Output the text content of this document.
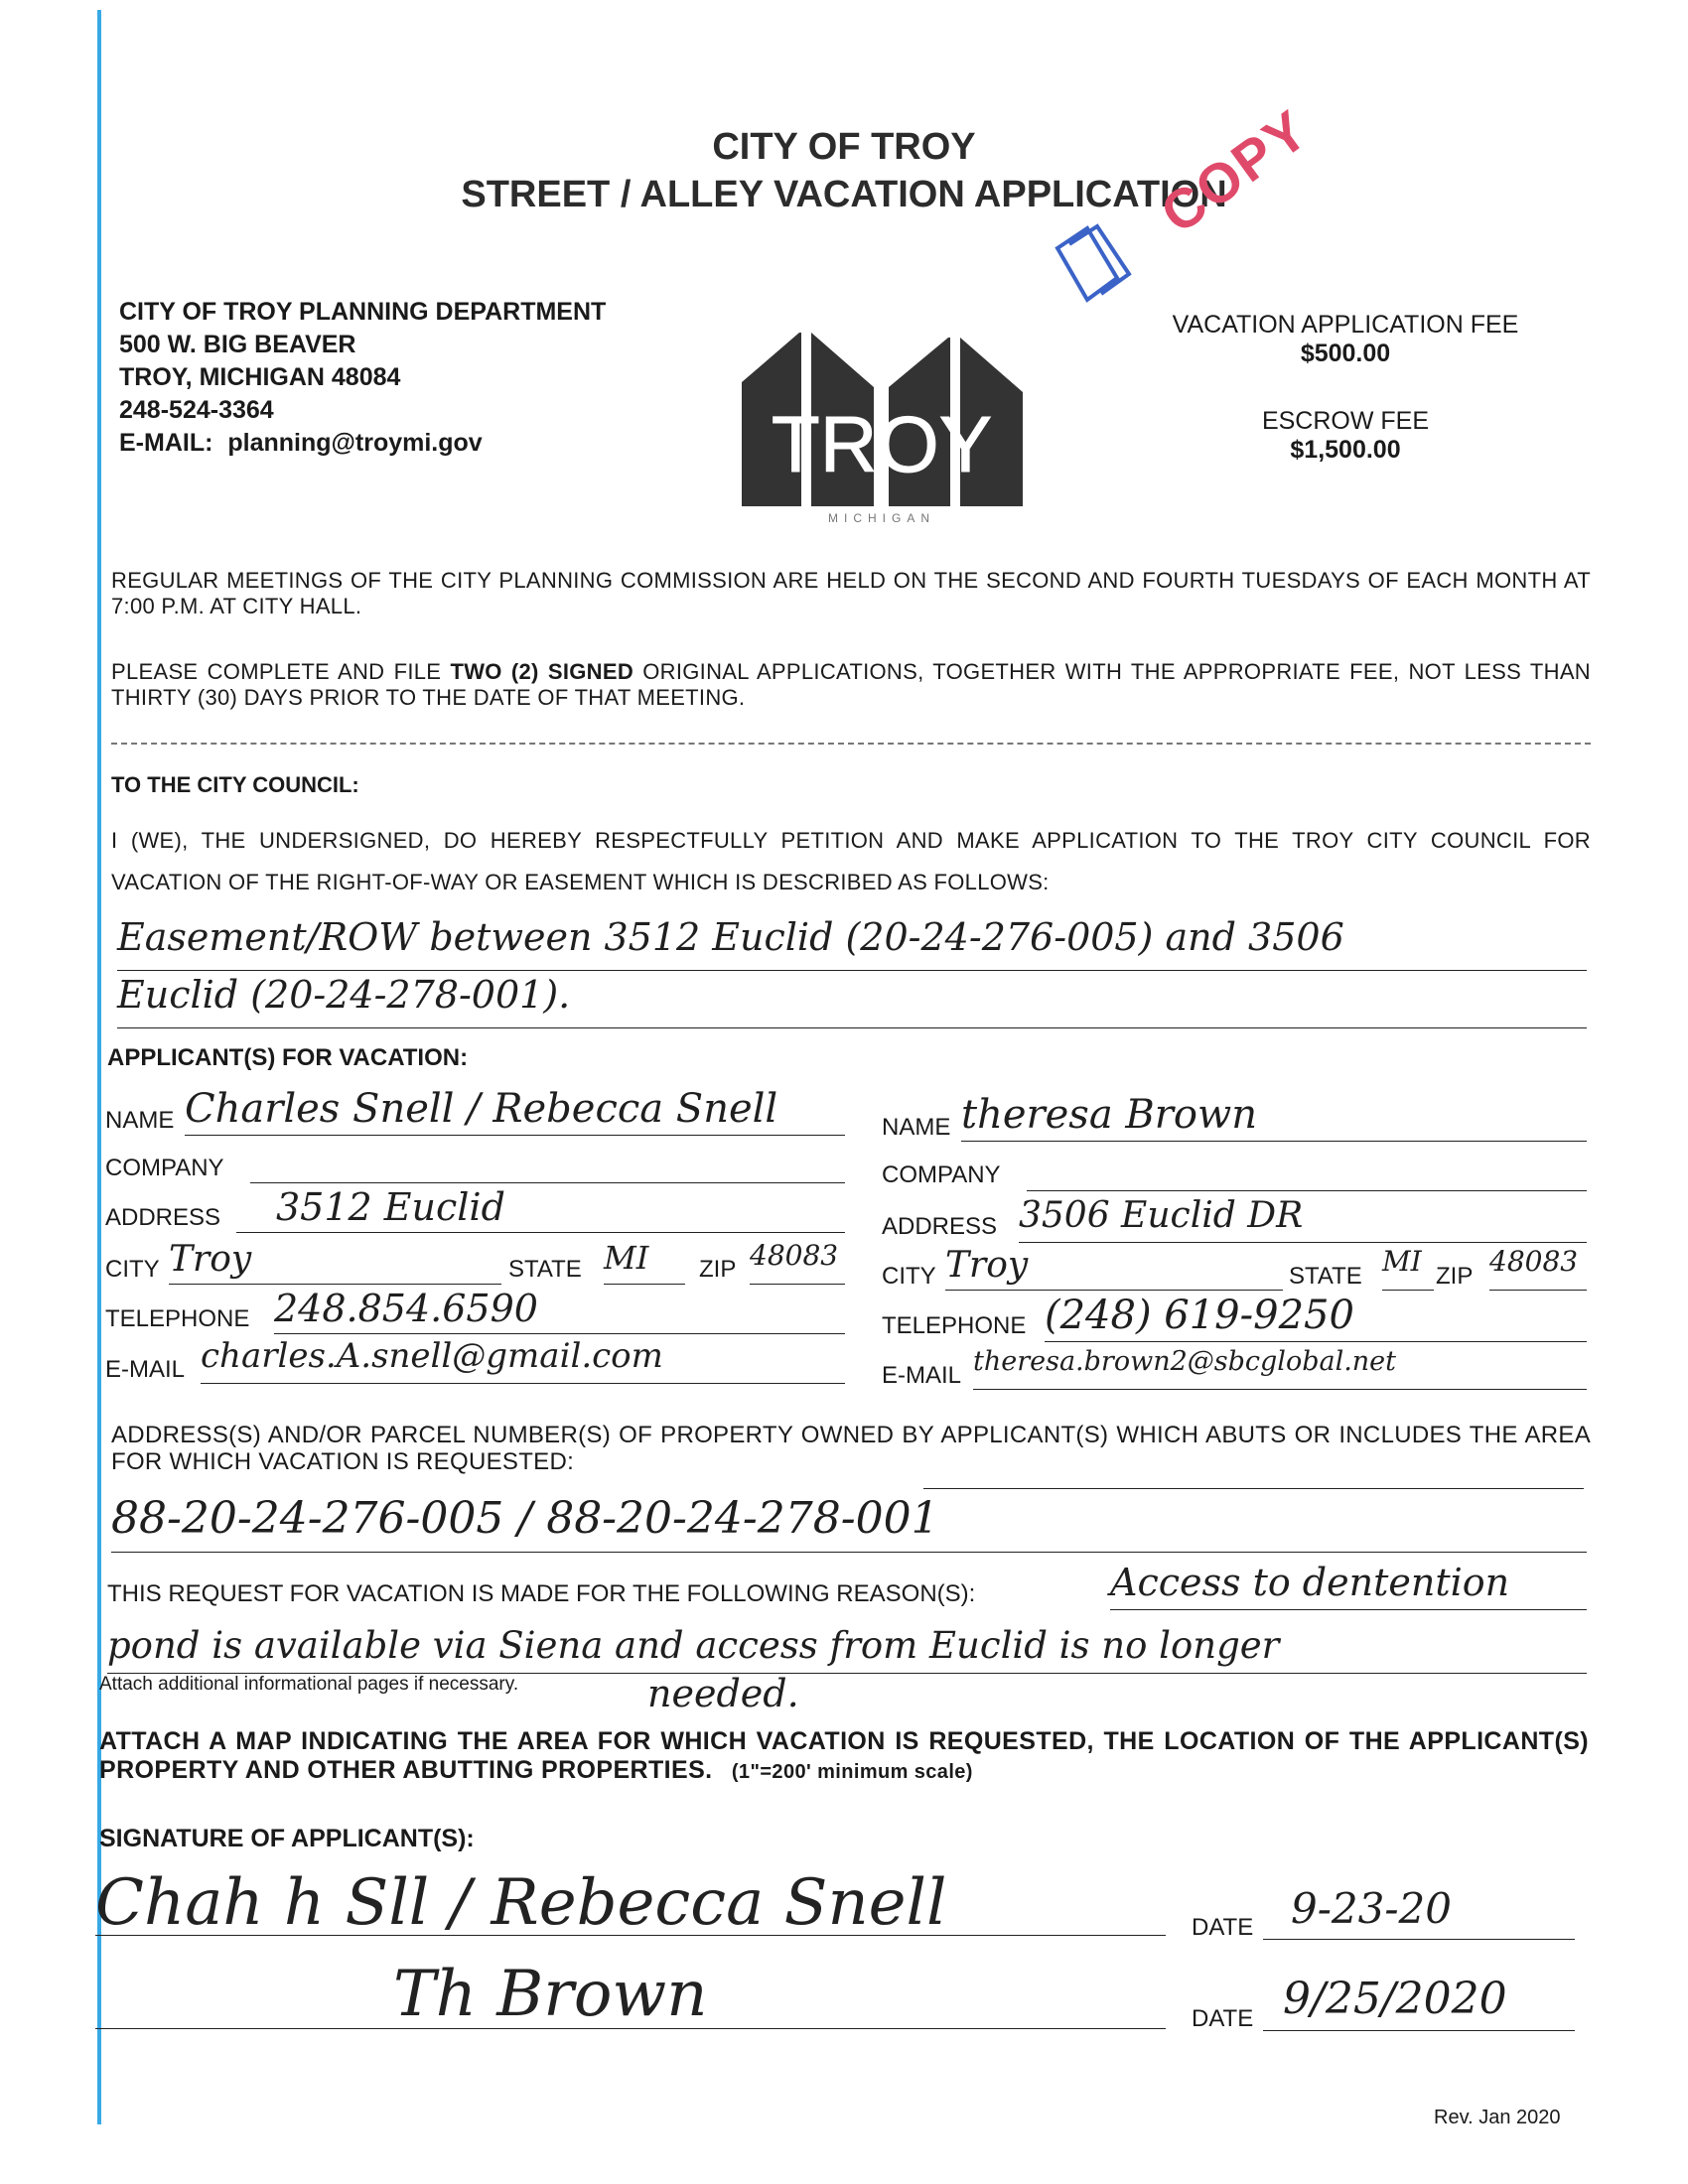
CITY OF TROY
STREET / ALLEY VACATION APPLICATION
COPY
CITY OF TROY PLANNING DEPARTMENT
500 W. BIG BEAVER
TROY, MICHIGAN 48084
248-524-3364
E-MAIL: planning@troymi.gov	TROY
MICHIGAN
VACATION APPLICATION FEE
$500.00
ESCROW FEE
$1,500.00
REGULAR MEETINGS OF THE CITY PLANNING COMMISSION ARE HELD ON THE SECOND AND FOURTH TUESDAYS OF EACH MONTH AT 7:00 P.M. AT CITY HALL.
PLEASE COMPLETE AND FILE TWO (2) SIGNED ORIGINAL APPLICATIONS, TOGETHER WITH THE APPROPRIATE FEE, NOT LESS THAN THIRTY (30) DAYS PRIOR TO THE DATE OF THAT MEETING.
TO THE CITY COUNCIL:
I (WE), THE UNDERSIGNED, DO HEREBY RESPECTFULLY PETITION AND MAKE APPLICATION TO THE TROY CITY COUNCIL FOR VACATION OF THE RIGHT-OF-WAY OR EASEMENT WHICH IS DESCRIBED AS FOLLOWS:
Easement/ROW between 3512 Euclid (20-24-276-005) and 3506
Euclid (20-24-278-001).
APPLICANT(S) FOR VACATION:
NAME Charles Snell / Rebecca Snell
COMPANY
ADDRESS	3512 Euclid
CITY Troy	STATE MI	ZIP 48083
TELEPHONE 248.854.6590
E-MAIL charles.A.snell@gmail.com
NAME theresa Brown
COMPANY
ADDRESS 3506 Euclid DR
CITY Troy	STATE MI ZIP 48083
TELEPHONE (248) 619-9250
E-MAIL theresa.brown2@sbcglobal.net
ADDRESS(S) AND/OR PARCEL NUMBER(S) OF PROPERTY OWNED BY APPLICANT(S) WHICH ABUTS OR INCLUDES THE AREA FOR WHICH VACATION IS REQUESTED:
88-20-24-276-005 / 88-20-24-278-001
THIS REQUEST FOR VACATION IS MADE FOR THE FOLLOWING REASON(S):	Access to dentention
pond is available via Siena and access from Euclid is no longer
Attach additional informational pages if necessary.	needed.
ATTACH A MAP INDICATING THE AREA FOR WHICH VACATION IS REQUESTED, THE LOCATION OF THE APPLICANT(S) PROPERTY AND OTHER ABUTTING PROPERTIES. (1"=200' minimum scale)
SIGNATURE OF APPLICANT(S):
Chah h Sll / Rebecca Snell	DATE 9-23-20
Th Brown	DATE 9/25/2020
Rev. Jan 2020
